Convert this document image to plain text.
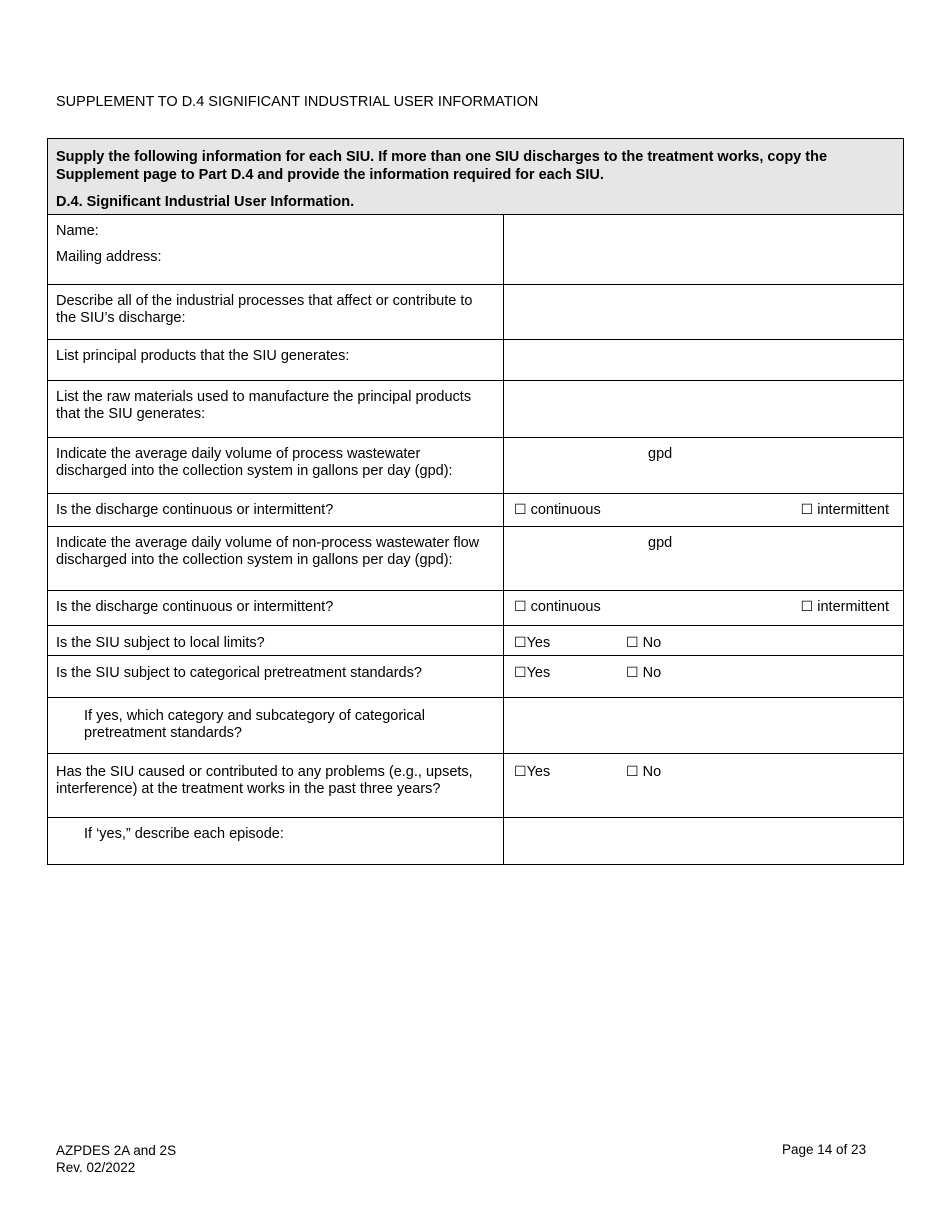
SUPPLEMENT TO D.4 SIGNIFICANT INDUSTRIAL USER INFORMATION

Supply the following information for each SIU. If more than one SIU discharges to the treatment works, copy the Supplement page to Part D.4 and provide the information required for each SIU.

D.4. Significant Industrial User Information.	

Name:

Mailing address:	

Describe all of the industrial processes that affect or contribute to the SIU’s discharge:	
List principal products that the SIU generates:	
List the raw materials used to manufacture the principal products that the SIU generates:	
Indicate the average daily volume of process wastewater discharged into the collection system in gallons per day (gpd):	gpd

Is the discharge continuous or intermittent?	☐ continuous ☐ intermittent

Indicate the average daily volume of non-process wastewater flow discharged into the collection system in gallons per day (gpd):	gpd

Is the discharge continuous or intermittent?	☐ continuous ☐ intermittent

Is the SIU subject to local limits?	☐Yes ☐ No

Is the SIU subject to categorical pretreatment standards?	☐Yes ☐ No

If yes, which category and subcategory of categorical pretreatment standards?	
Has the SIU caused or contributed to any problems (e.g., upsets, interference) at the treatment works in the past three years?	☐Yes ☐ No

If ‘yes,” describe each episode:	
AZPDES 2A and 2S
Rev. 02/2022
Page 14 of 23
